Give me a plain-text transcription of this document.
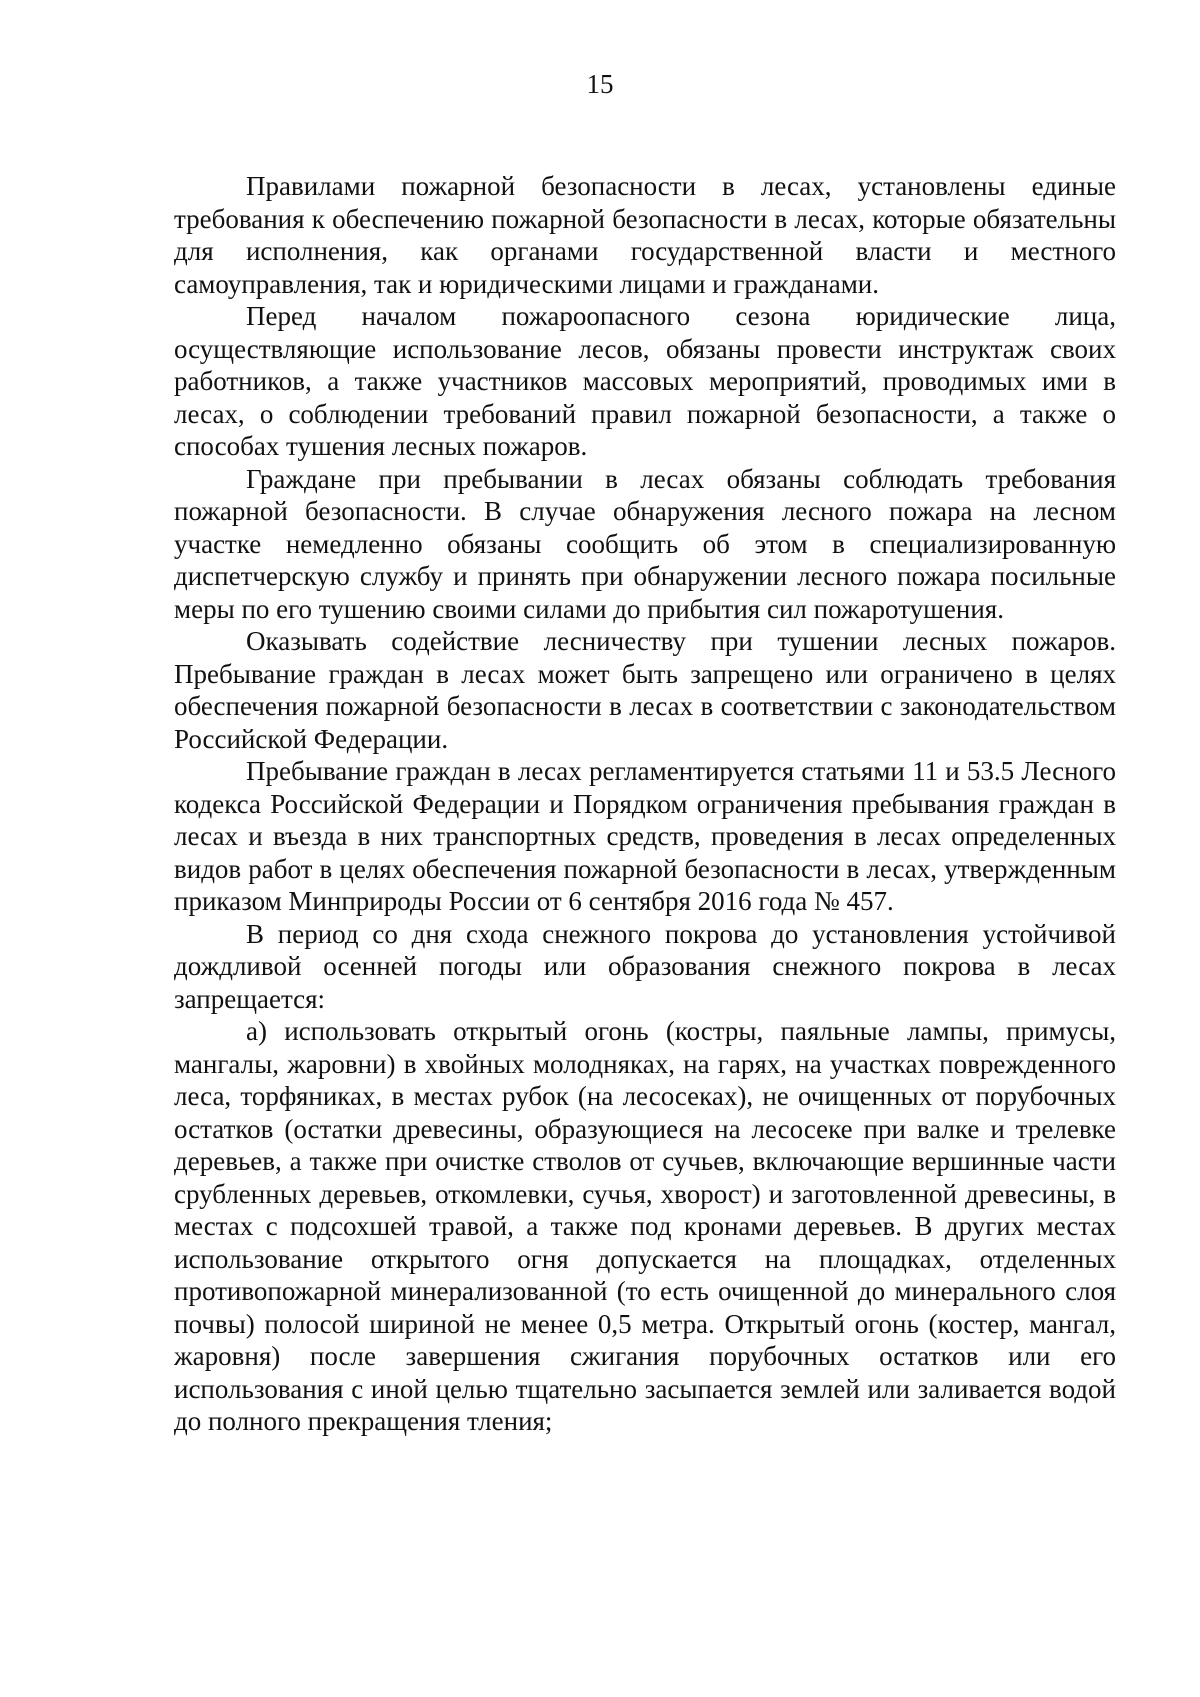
15

Правилами пожарной безопасности в лесах, установлены единые требования к обеспечению пожарной безопасности в лесах, которые обязательны для исполнения, как органами государственной власти и местного самоуправления, так и юридическими лицами и гражданами.

Перед началом пожароопасного сезона юридические лица, осуществляющие использование лесов, обязаны провести инструктаж своих работников, а также участников массовых мероприятий, проводимых ими в лесах, о соблюдении требований правил пожарной безопасности, а также о способах тушения лесных пожаров.

Граждане при пребывании в лесах обязаны соблюдать требования пожарной безопасности. В случае обнаружения лесного пожара на лесном участке немедленно обязаны сообщить об этом в специализированную диспетчерскую службу и принять при обнаружении лесного пожара посильные меры по его тушению своими силами до прибытия сил пожаротушения.

Оказывать содействие лесничеству при тушении лесных пожаров. Пребывание граждан в лесах может быть запрещено или ограничено в целях обеспечения пожарной безопасности в лесах в соответствии с законодательством Российской Федерации.

Пребывание граждан в лесах регламентируется статьями 11 и 53.5 Лесного кодекса Российской Федерации и Порядком ограничения пребывания граждан в лесах и въезда в них транспортных средств, проведения в лесах определенных видов работ в целях обеспечения пожарной безопасности в лесах, утвержденным приказом Минприроды России от 6 сентября 2016 года № 457.

В период со дня схода снежного покрова до установления устойчивой дождливой осенней погоды или образования снежного покрова в лесах запрещается:

а) использовать открытый огонь (костры, паяльные лампы, примусы, мангалы, жаровни) в хвойных молодняках, на гарях, на участках поврежденного леса, торфяниках, в местах рубок (на лесосеках), не очищенных от порубочных остатков (остатки древесины, образующиеся на лесосеке при валке и трелевке деревьев, а также при очистке стволов от сучьев, включающие вершинные части срубленных деревьев, откомлевки, сучья, хворост) и заготовленной древесины, в местах с подсохшей травой, а также под кронами деревьев. В других местах использование открытого огня допускается на площадках, отделенных противопожарной минерализованной (то есть очищенной до минерального слоя почвы) полосой шириной не менее 0,5 метра. Открытый огонь (костер, мангал, жаровня) после завершения сжигания порубочных остатков или его использования с иной целью тщательно засыпается землей или заливается водой до полного прекращения тления;
